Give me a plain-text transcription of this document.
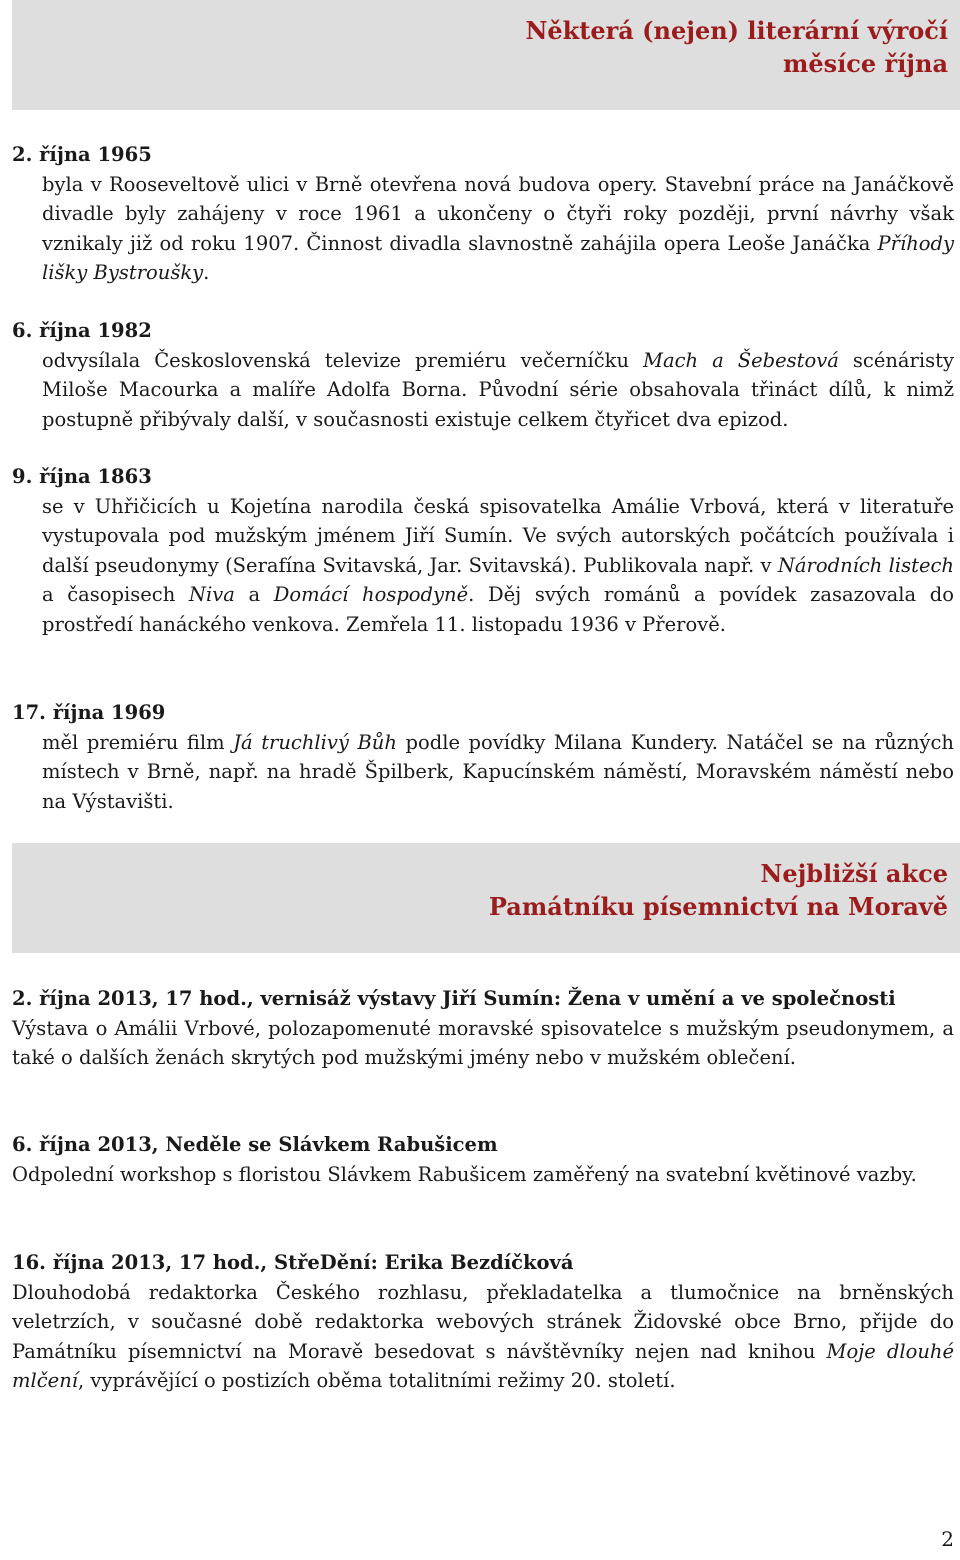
Některá (nejen) literární výročí
měsíce října
2. října 1965
byla v Rooseveltově ulici v Brně otevřena nová budova opery. Stavební práce na Janáčkově divadle byly zahájeny v roce 1961 a ukončeny o čtyři roky později, první návrhy však vznikaly již od roku 1907. Činnost divadla slavnostně zahájila opera Leoše Janáčka Příhody lišky Bystroušky.
6. října 1982
odvysílala Československá televize premiéru večerníčku Mach a Šebestová scénáristy Miloše Macourka a malíře Adolfa Borna. Původní série obsahovala třináct dílů, k nimž postupně přibývaly další, v současnosti existuje celkem čtyřicet dva epizod.
9. října 1863
se v Uhřičicích u Kojetína narodila česká spisovatelka Amálie Vrbová, která v literatuře vystupovala pod mužským jménem Jiří Sumín. Ve svých autorských počátcích používala i další pseudonymy (Serafína Svitavská, Jar. Svitavská). Publikovala např. v Národních listech a časopisech Niva a Domácí hospodyně. Děj svých románů a povídek zasazovala do prostředí hanáckého venkova. Zemřela 11. listopadu 1936 v Přerově.
17. října 1969
měl premiéru film Já truchlivý Bůh podle povídky Milana Kundery. Natáčel se na různých místech v Brně, např. na hradě Špilberk, Kapucínském náměstí, Moravském náměstí nebo na Výstavišti.
Nejbližší akce
Památníku písemnictví na Moravě
2. října 2013, 17 hod., vernisáž výstavy Jiří Sumín: Žena v umění a ve společnosti
Výstava o Amálii Vrbové, polozapomenuté moravské spisovatelce s mužským pseudonymem, a také o dalších ženách skrytých pod mužskými jmény nebo v mužském oblečení.
6. října 2013, Neděle se Slávkem Rabušicem
Odpolední workshop s floristou Slávkem Rabušicem zaměřený na svatební květinové vazby.
16. října 2013, 17 hod., StřeDění: Erika Bezdíčková
Dlouhodobá redaktorka Českého rozhlasu, překladatelka a tlumočnice na brněnských veletrzích, v současné době redaktorka webových stránek Židovské obce Brno, přijde do Památníku písemnictví na Moravě besedovat s návštěvníky nejen nad knihou Moje dlouhé mlčení, vyprávějící o postizích oběma totalitními režimy 20. století.
2
